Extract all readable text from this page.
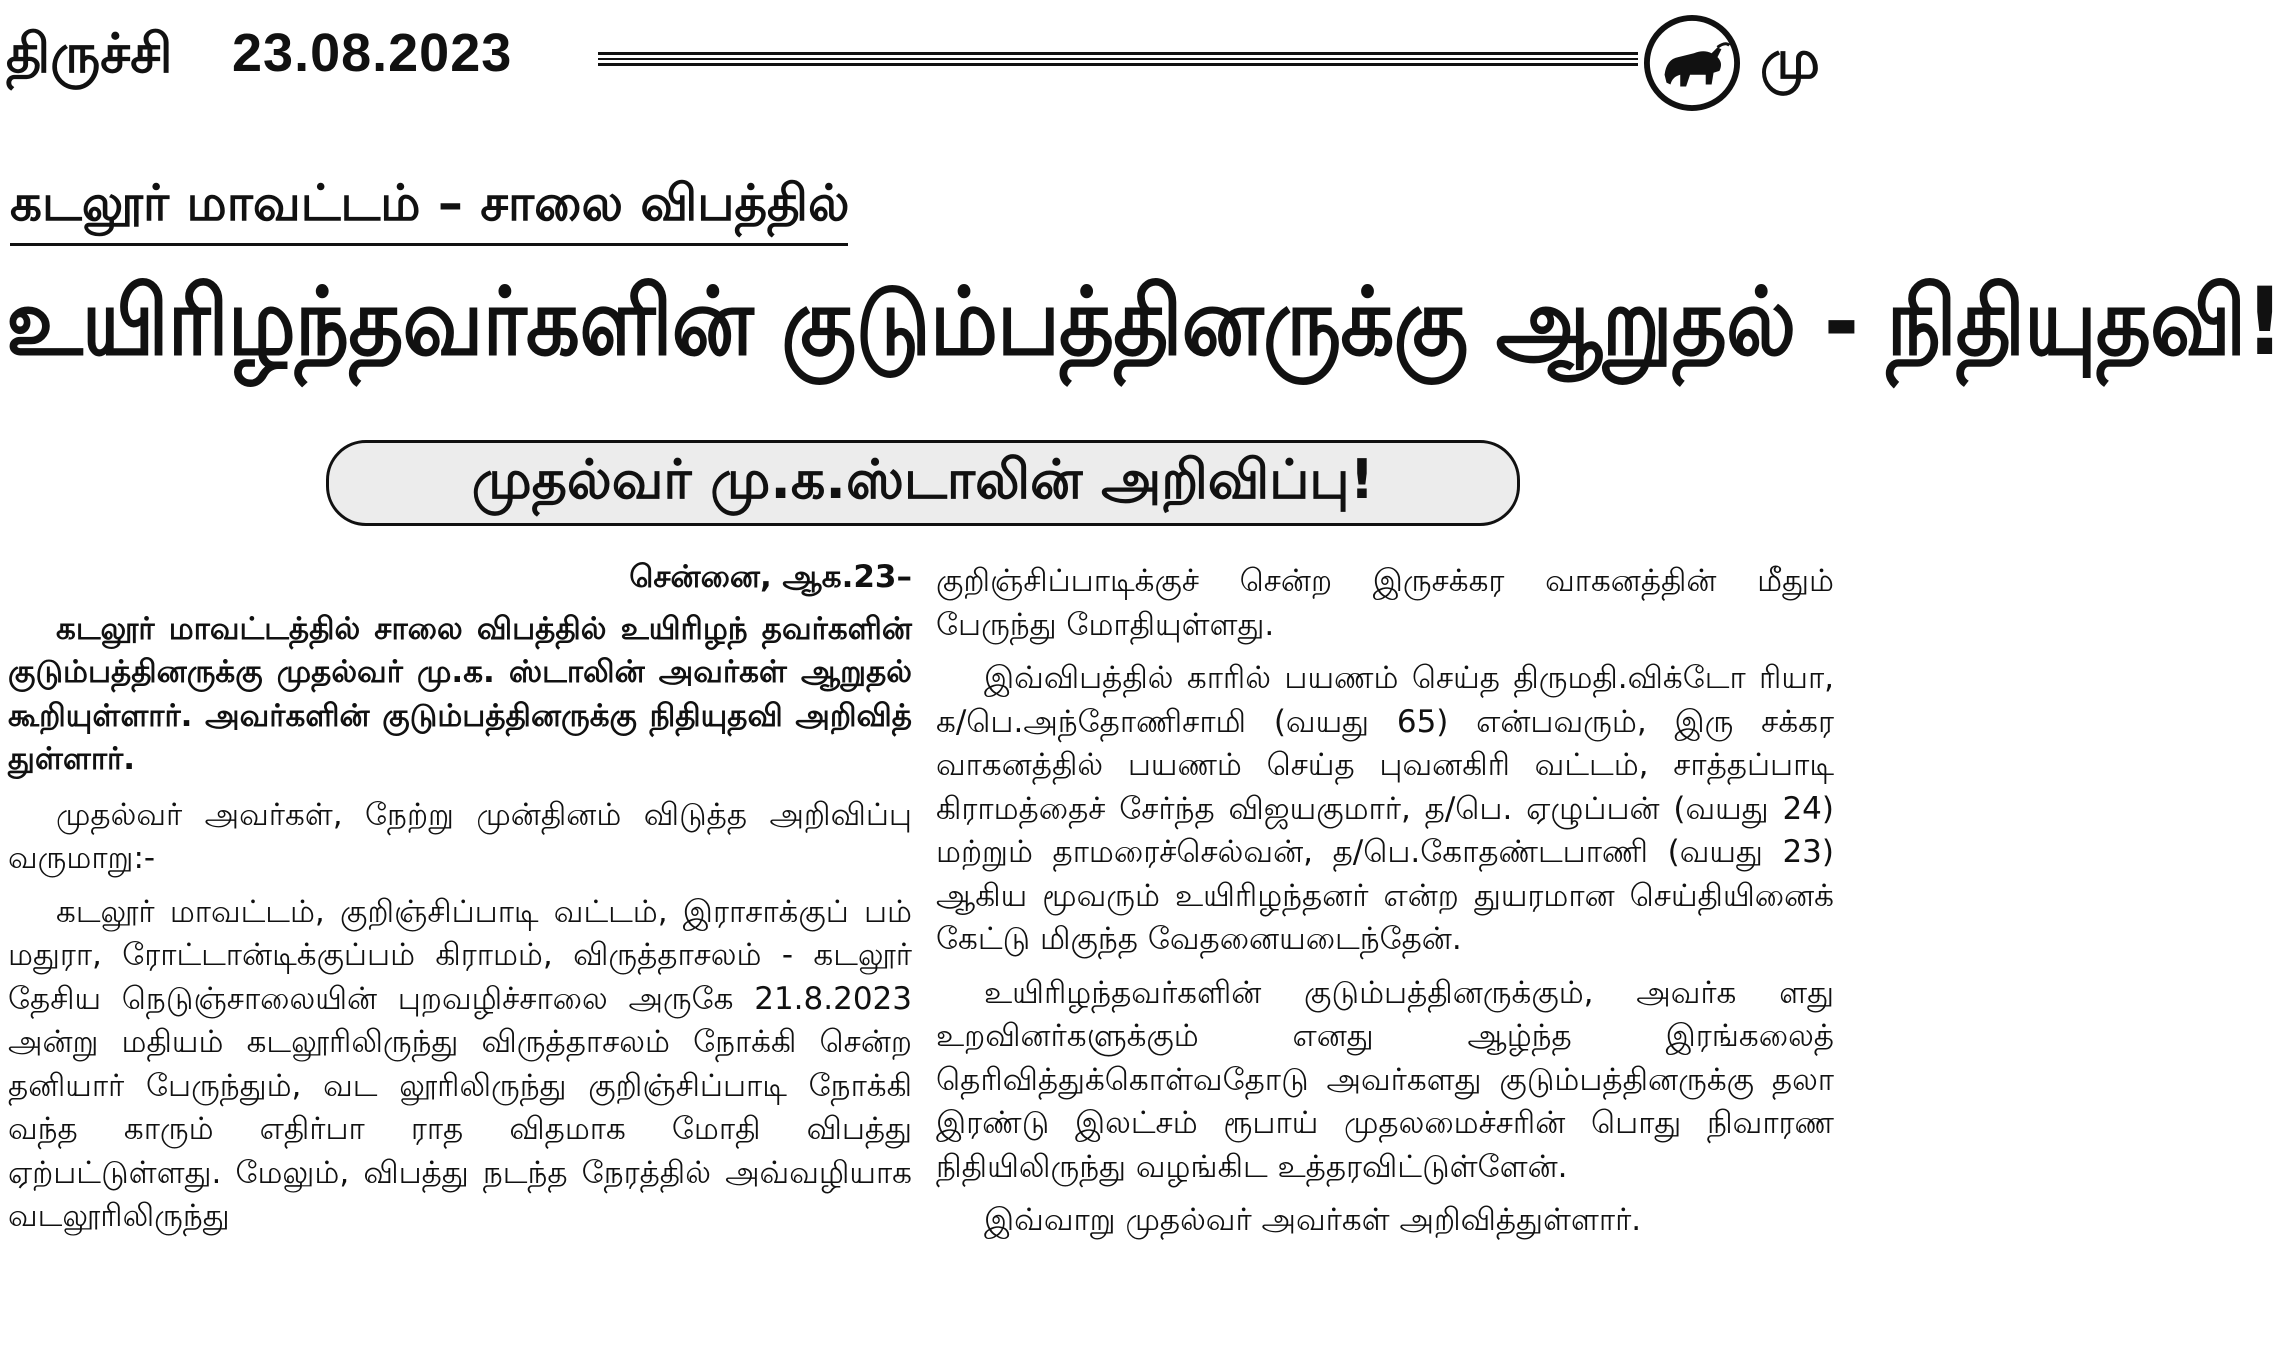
திருச்சி 23.08.2023	மு
கடலூர் மாவட்டம் – சாலை விபத்தில்
உயிரிழந்தவர்களின் குடும்பத்தினருக்கு ஆறுதல் - நிதியுதவி!
முதல்வர் மு.க.ஸ்டாலின் அறிவிப்பு!

சென்னை, ஆக.23–

கடலூர் மாவட்டத்தில் சாலை விபத்தில் உயிரிழந் தவர்களின் குடும்பத்தினருக்கு முதல்வர் மு.க. ஸ்டாலின் அவர்கள் ஆறுதல் கூறியுள்ளார். அவர்களின் குடும்பத்தினருக்கு நிதியுதவி அறிவித் துள்ளார்.

முதல்வர் அவர்கள், நேற்று முன்தினம் விடுத்த அறிவிப்பு வருமாறு:-

கடலூர் மாவட்டம், குறிஞ்சிப்பாடி வட்டம், இராசாக்குப் பம் மதுரா, ரோட்டான்டிக்குப்பம் கிராமம், விருத்தாசலம் - கடலூர் தேசிய நெடுஞ்சாலையின் புறவழிச்சாலை அருகே 21.8.2023 அன்று மதியம் கடலூரிலிருந்து விருத்தாசலம் நோக்கி சென்ற தனியார் பேருந்தும், வட லூரிலிருந்து குறிஞ்சிப்பாடி நோக்கி வந்த காரும் எதிர்பா ராத விதமாக மோதி விபத்து ஏற்பட்டுள்ளது. மேலும், விபத்து நடந்த நேரத்தில் அவ்வழியாக வடலூரிலிருந்து

குறிஞ்சிப்பாடிக்குச் சென்ற இருசக்கர வாகனத்தின் மீதும் பேருந்து மோதியுள்ளது.

இவ்விபத்தில் காரில் பயணம் செய்த திருமதி.விக்டோ ரியா, க/பெ.அந்தோணிசாமி (வயது 65) என்பவரும், இரு சக்கர வாகனத்தில் பயணம் செய்த புவனகிரி வட்டம், சாத்தப்பாடி கிராமத்தைச் சேர்ந்த விஜயகுமார், த/பெ. ஏழுப்பன் (வயது 24) மற்றும் தாமரைச்செல்வன், த/பெ.கோதண்டபாணி (வயது 23) ஆகிய மூவரும் உயிரிழந்தனர் என்ற துயரமான செய்தியினைக் கேட்டு மிகுந்த வேதனையடைந்தேன்.

உயிரிழந்தவர்களின் குடும்பத்தினருக்கும், அவர்க ளது உறவினர்களுக்கும் எனது ஆழ்ந்த இரங்கலைத் தெரிவித்துக்கொள்வதோடு அவர்களது குடும்பத்தினருக்கு தலா இரண்டு இலட்சம் ரூபாய் முதலமைச்சரின் பொது நிவாரண நிதியிலிருந்து வழங்கிட உத்தரவிட்டுள்ளேன்.

இவ்வாறு முதல்வர் அவர்கள் அறிவித்துள்ளார்.
